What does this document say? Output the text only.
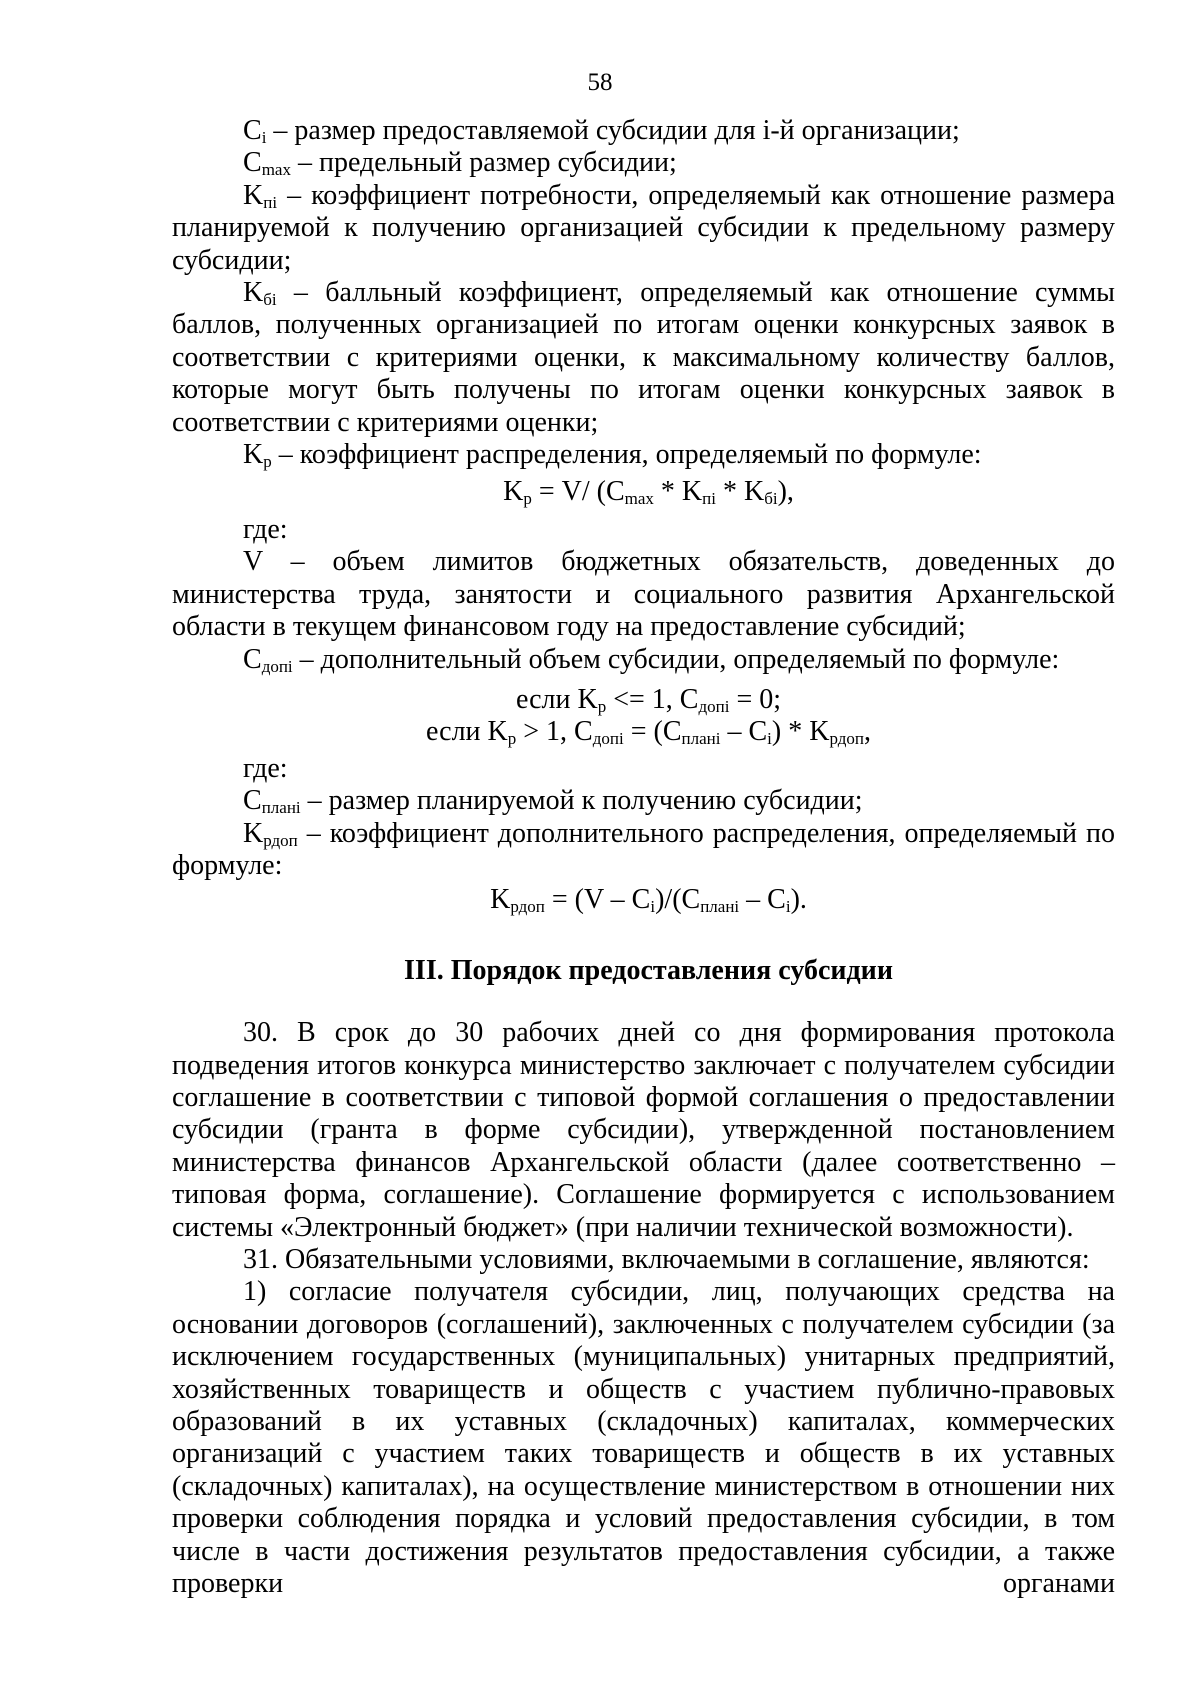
58

$C_i$ – размер предоставляемой субсидии для i-й организации;

$C_{max}$ – предельный размер субсидии;

$K_{пi}$ – коэффициент потребности, определяемый как отношение размера планируемой к получению организацией субсидии к предельному размеру субсидии;

$K_{бi}$ – балльный коэффициент, определяемый как отношение суммы баллов, полученных организацией по итогам оценки конкурсных заявок в соответствии с критериями оценки, к максимальному количеству баллов, которые могут быть получены по итогам оценки конкурсных заявок в соответствии с критериями оценки;

$K_р$ – коэффициент распределения, определяемый по формуле:

$K_р = V/$ $(C_{max} * K_{пi} * K_{бi})$,

где:

V – объем лимитов бюджетных обязательств, доведенных до министерства труда, занятости и социального развития Архангельской области в текущем финансовом году на предоставление субсидий;

$C_{допi}$ – дополнительный объем субсидии, определяемый по формуле:

если $K_р <= 1$, $C_{допi} = 0$;

если $K_р > 1$, $C_{допi} = (C_{планi} - C_i) * K_{рдоп}$,

где:

$C_{планi}$ – размер планируемой к получению субсидии;

$K_{рдоп}$ – коэффициент дополнительного распределения, определяемый по формуле:

$K_{рдоп} = (V - C_i)/(C_{планi} - C_i)$.

III. Порядок предоставления субсидии

30. В срок до 30 рабочих дней со дня формирования протокола подведения итогов конкурса министерство заключает с получателем субсидии соглашение в соответствии с типовой формой соглашения о предоставлении субсидии (гранта в форме субсидии), утвержденной постановлением министерства финансов Архангельской области (далее соответственно – типовая форма, соглашение). Соглашение формируется с использованием системы «Электронный бюджет» (при наличии технической возможности).

31. Обязательными условиями, включаемыми в соглашение, являются:

1) согласие получателя субсидии, лиц, получающих средства на основании договоров (соглашений), заключенных с получателем субсидии (за исключением государственных (муниципальных) унитарных предприятий, хозяйственных товариществ и обществ с участием публично-правовых образований в их уставных (складочных) капиталах, коммерческих организаций с участием таких товариществ и обществ в их уставных (складочных) капиталах), на осуществление министерством в отношении них проверки соблюдения порядка и условий предоставления субсидии, в том числе в части достижения результатов предоставления субсидии, а также проверки органами
